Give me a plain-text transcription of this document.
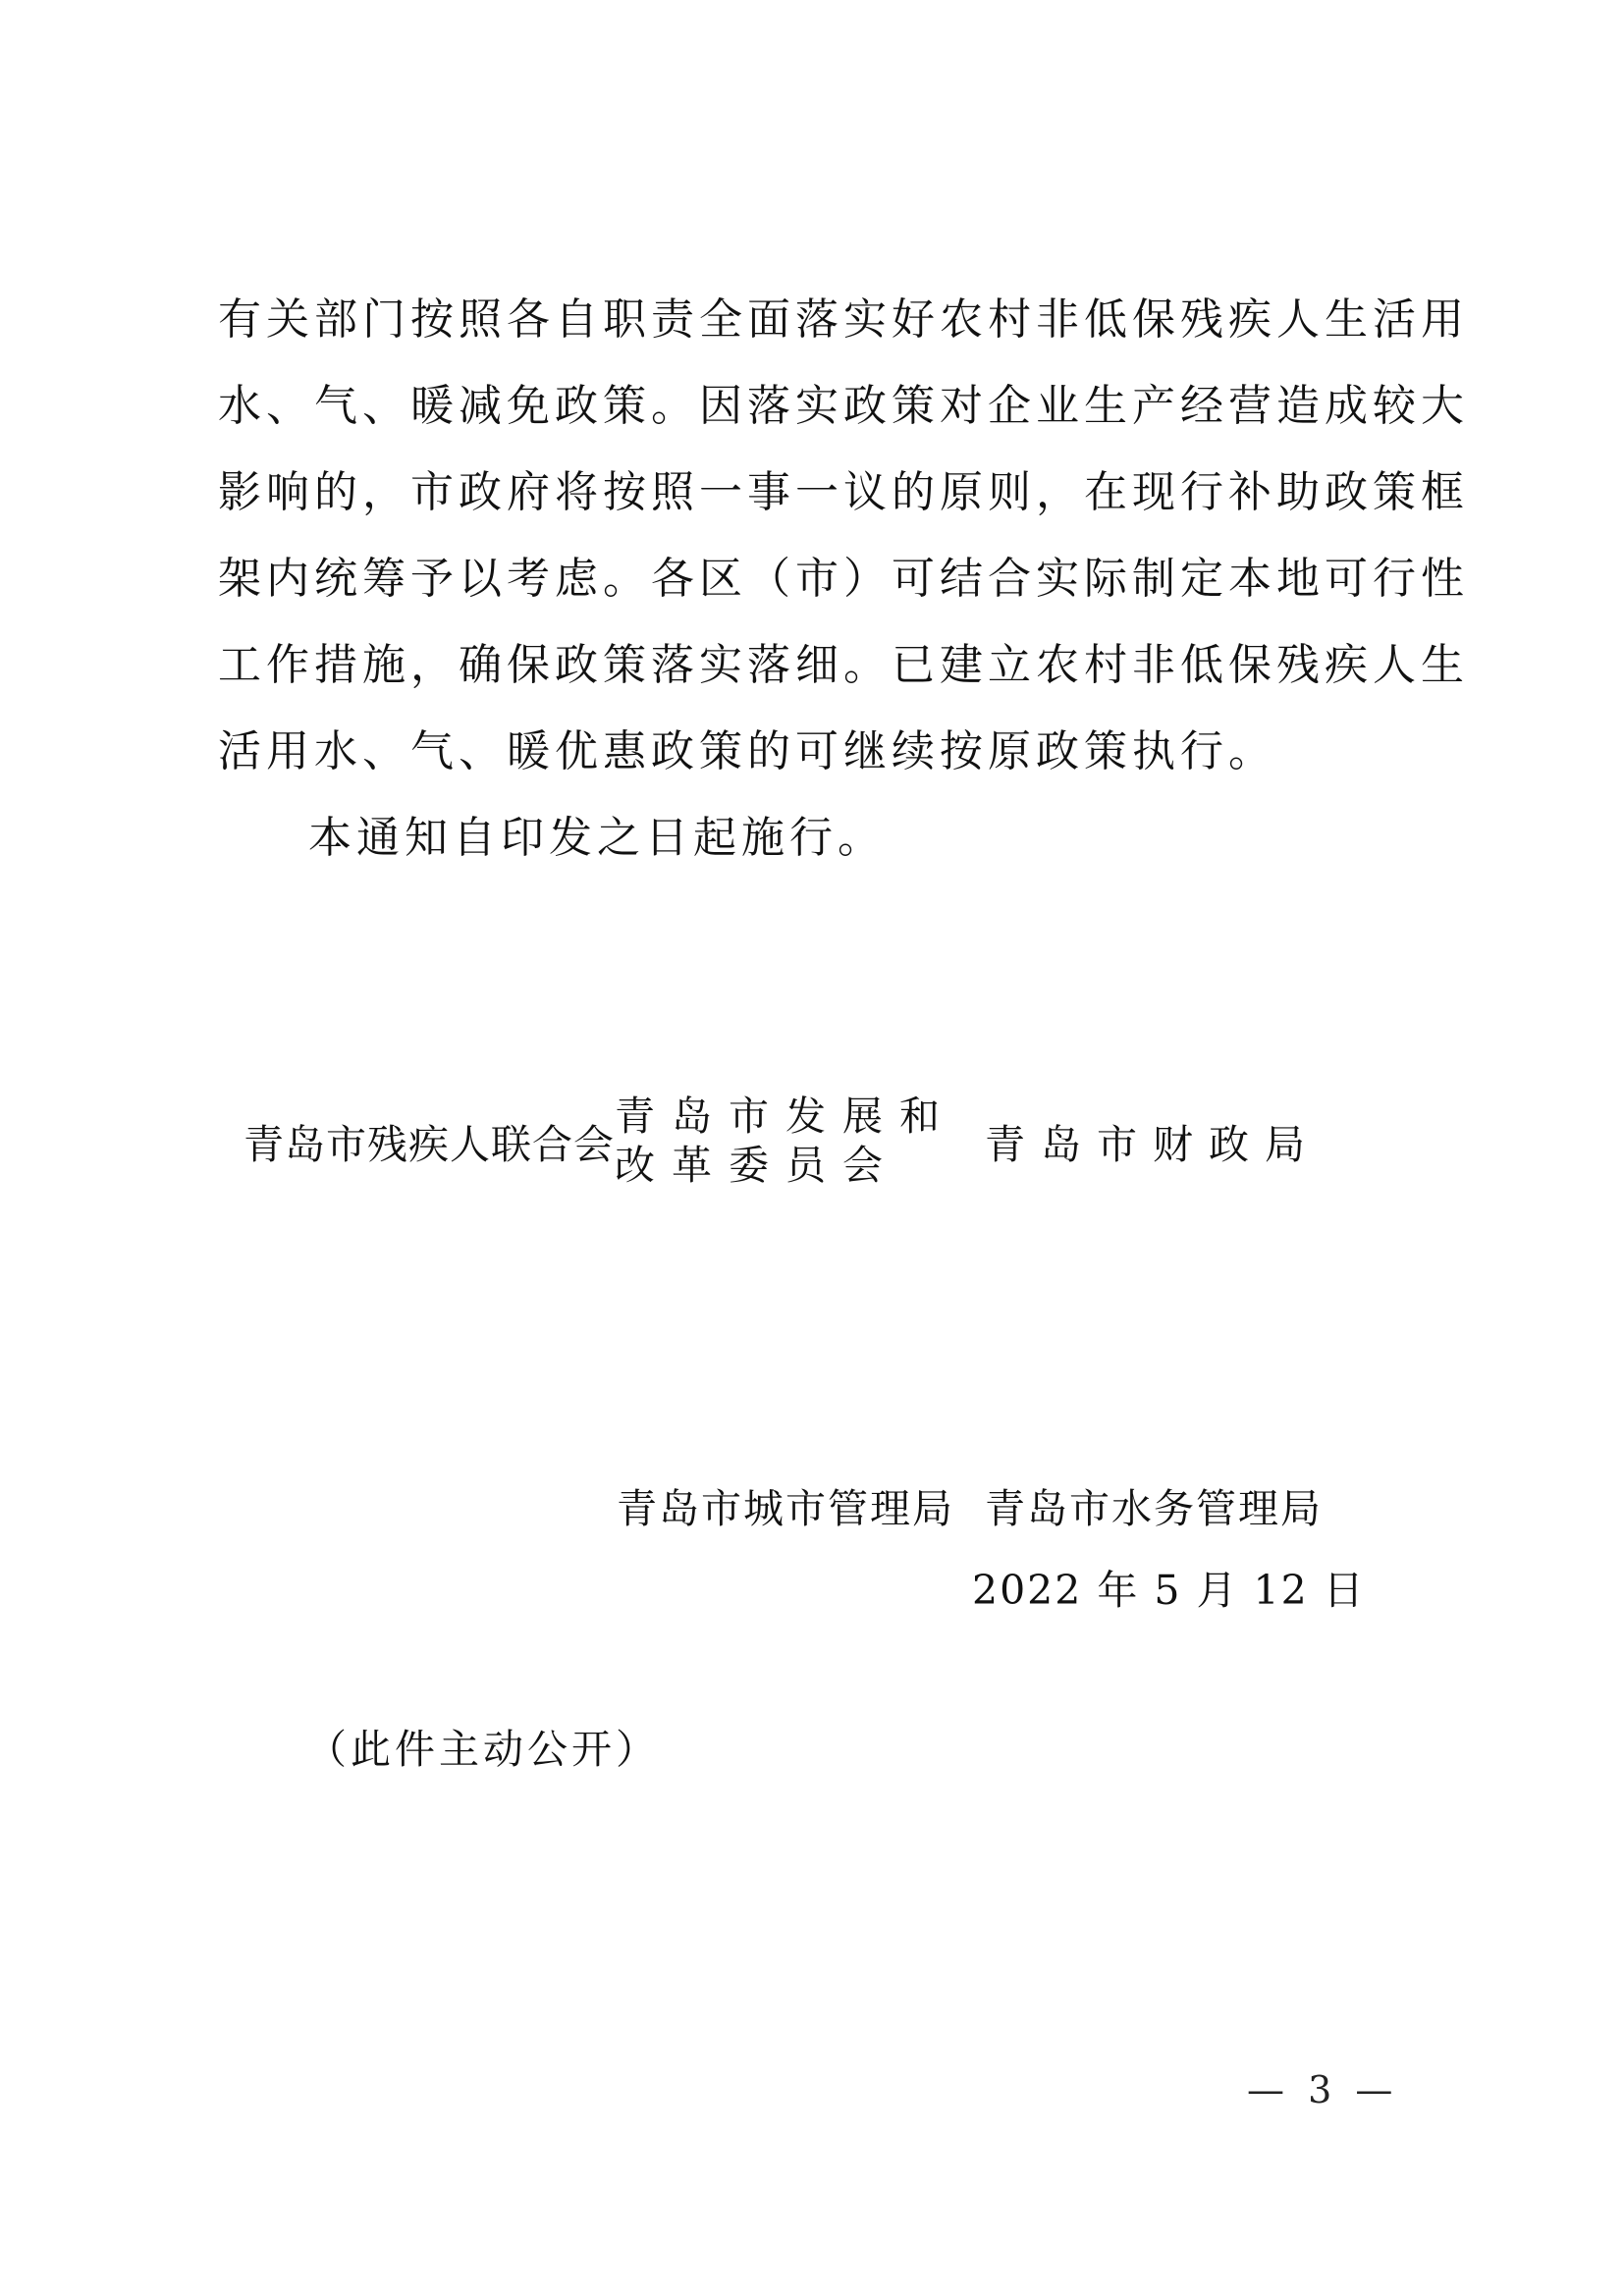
有关部门按照各自职责全面落实好农村非低保残疾人生活用
水、气、暖减免政策。因落实政策对企业生产经营造成较大
影响的，市政府将按照一事一议的原则，在现行补助政策框
架内统筹予以考虑。各区（市）可结合实际制定本地可行性
工作措施，确保政策落实落细。已建立农村非低保残疾人生
活用水、气、暖优惠政策的可继续按原政策执行。
本通知自印发之日起施行。
青岛市残疾人联合会
青岛市发展和
改革委员会	青岛市财政局
青岛市城市管理局 青岛市水务管理局
2022 年 5 月 12 日
（此件主动公开）
— 3 —
